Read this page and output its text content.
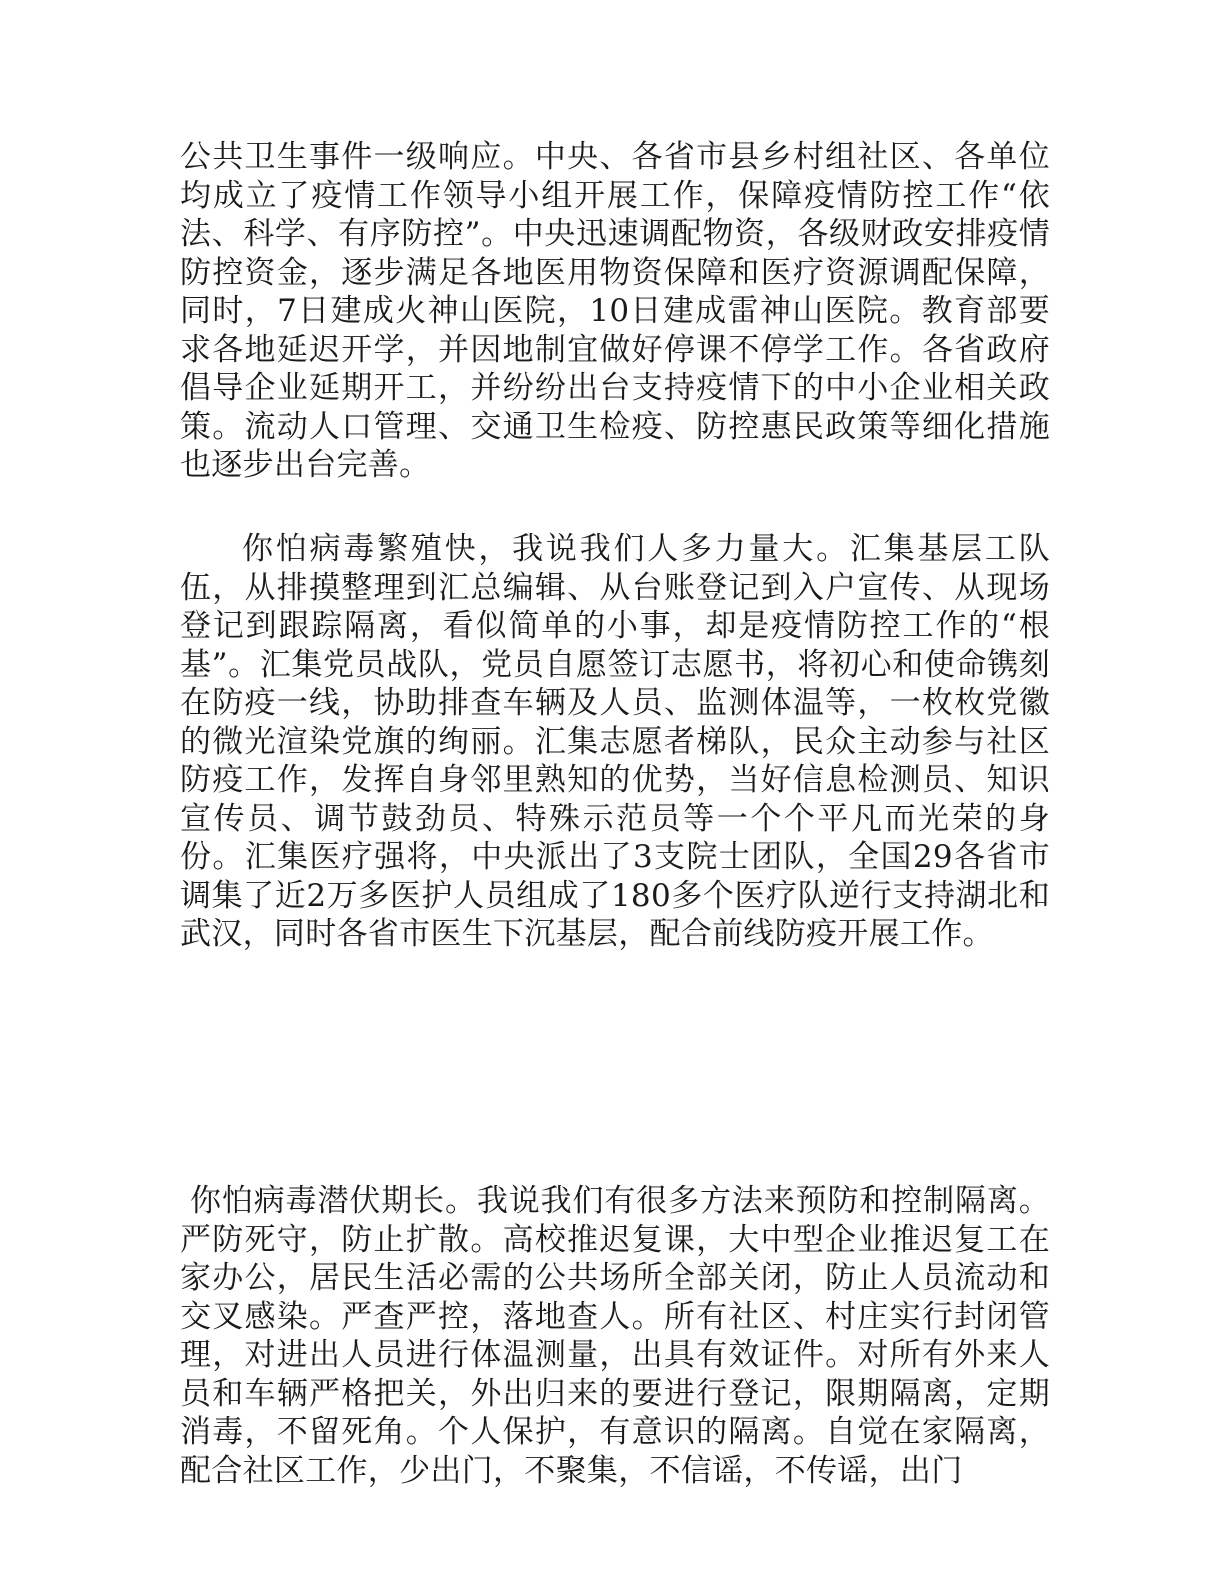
公共卫生事件一级响应。中央、各省市县乡村组社区、各单位均成立了疫情工作领导小组开展工作，保障疫情防控工作“依法、科学、有序防控”。中央迅速调配物资，各级财政安排疫情防控资金，逐步满足各地医用物资保障和医疗资源调配保障，同时，7日建成火神山医院，10日建成雷神山医院。教育部要求各地延迟开学，并因地制宜做好停课不停学工作。各省政府倡导企业延期开工，并纷纷出台支持疫情下的中小企业相关政策。流动人口管理、交通卫生检疫、防控惠民政策等细化措施也逐步出台完善。

你怕病毒繁殖快，我说我们人多力量大。汇集基层工队伍，从排摸整理到汇总编辑、从台账登记到入户宣传、从现场登记到跟踪隔离，看似简单的小事，却是疫情防控工作的“根基”。汇集党员战队，党员自愿签订志愿书，将初心和使命镌刻在防疫一线，协助排查车辆及人员、监测体温等，一枚枚党徽的微光渲染党旗的绚丽。汇集志愿者梯队，民众主动参与社区防疫工作，发挥自身邻里熟知的优势，当好信息检测员、知识宣传员、调节鼓劲员、特殊示范员等一个个平凡而光荣的身份。汇集医疗强将，中央派出了3支院士团队，全国29各省市调集了近2万多医护人员组成了180多个医疗队逆行支持湖北和武汉，同时各省市医生下沉基层，配合前线防疫开展工作。

你怕病毒潜伏期长。我说我们有很多方法来预防和控制隔离。严防死守，防止扩散。高校推迟复课，大中型企业推迟复工在家办公，居民生活必需的公共场所全部关闭，防止人员流动和交叉感染。严查严控，落地查人。所有社区、村庄实行封闭管理，对进出人员进行体温测量，出具有效证件。对所有外来人员和车辆严格把关，外出归来的要进行登记，限期隔离，定期消毒，不留死角。个人保护，有意识的隔离。自觉在家隔离，配合社区工作，少出门，不聚集，不信谣，不传谣，出门
